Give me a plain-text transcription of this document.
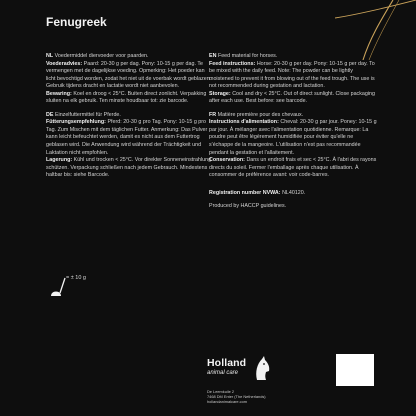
Fenugreek

NL Voedermiddel diervoeder voor paarden.

Voederadvies: Paard: 20-30 g per dag. Pony: 10-15 g per dag. Te vermengen met de dagelijkse voeding. Opmerking: Het poeder kan licht bevochtigd worden, zodat het niet uit de voerbak wordt geblazen. Gebruik tijdens dracht en lactatie wordt niet aanbevolen.

Bewaring: Koel en droog < 25°C. Buiten direct zonlicht. Verpakking sluiten na elk gebruik. Ten minste houdbaar tot: zie barcode.

DE Einzelfuttermittel für Pferde.

Fütterungsempfehlung: Pferd: 20-30 g pro Tag. Pony: 10-15 g pro Tag. Zum Mischen mit dem täglichen Futter. Anmerkung: Das Pulver kann leicht befeuchtet werden, damit es nicht aus dem Futtertrog geblasen wird. Die Anwendung wird während der Trächtigkeit und Laktation nicht empfohlen.

Lagerung: Kühl und trocken < 25°C. Vor direkter Sonneneinstrahlung schützen. Verpackung schließen nach jedem Gebrauch. Mindestens haltbar bis: siehe Barcode.

EN Feed material for horses.

Feed instructions: Horse: 20-30 g per day. Pony: 10-15 g per day. To be mixed with the daily feed. Note: The powder can be lightly moistened to prevent it from blowing out of the feed trough. The use is not recommended during gestation and lactation.

Storage: Cool and dry < 25°C. Out of direct sunlight. Close packaging after each use. Best before: see barcode.

FR Matière première pour des chevaux.

Instructions d'alimentation: Cheval: 20-30 g par jour. Poney: 10-15 g par jour. À mélanger avec l'alimentation quotidienne. Remarque: La poudre peut être légèrement humidifiée pour éviter qu'elle ne s'échappe de la mangeoire. L'utilisation n'est pas recommandée pendant la gestation et l'allaitement.

Conservation: Dans un endroit frais et sec < 25°C. À l'abri des rayons directs du soleil. Fermer l'emballage après chaque utilisation. À consommer de préférence avant: voir code-barres.

Registration number NVWA: NL40120.

Produced by HACCP guidelines.

= ± 10 g
Holland
animal care

De Leemkuile 2

7468 DM Enter (The Netherlands)

hollandanimalcare.com
